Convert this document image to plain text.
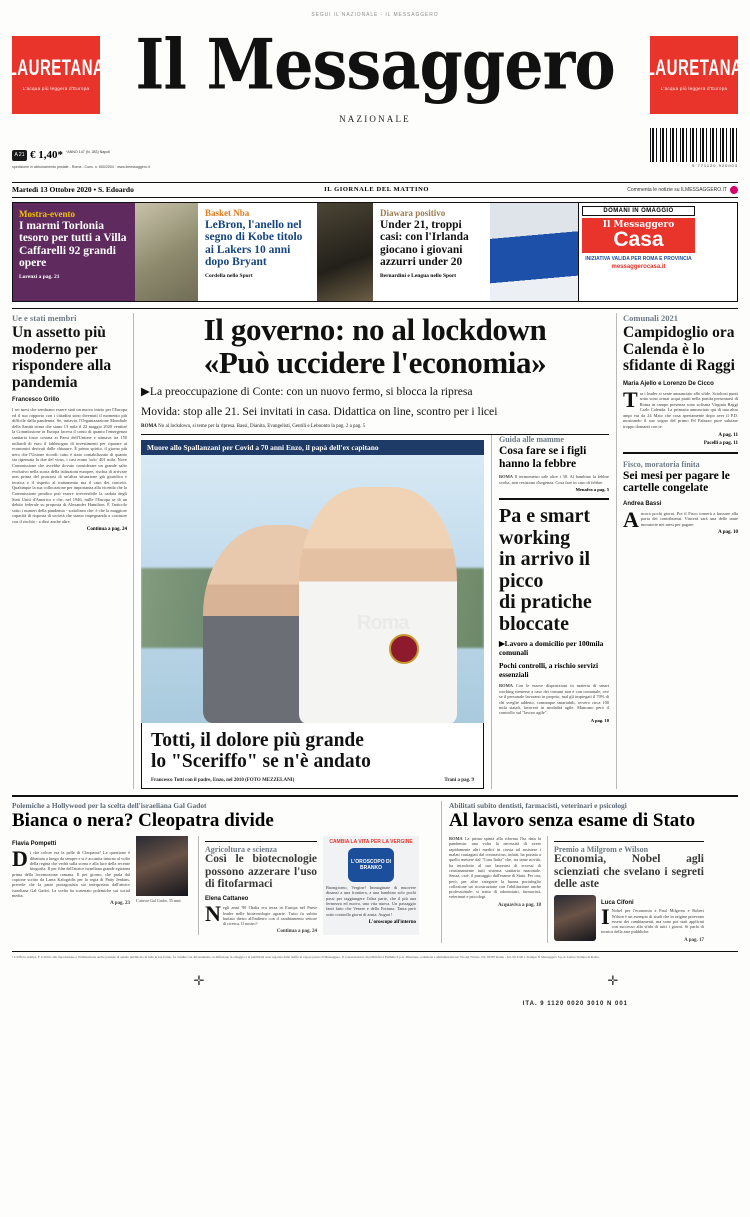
SEGUI IL NAZIONALE · IL MESSAGGERO
LAURETANA
L'acqua più leggera d'Europa
LAURETANA
L'acqua più leggera d'Europa
Il Messaggero
NAZIONALE
A 21 € 1,40* *ANNO 147 (N. 283) Napoli
spedizione in abbonamento postale - Roma - Conc. n. 650/2004 · www.ilmessaggero.it	9 771120 920003
Martedì 13 Ottobre 2020 • S. Edoardo	IL GIORNALE DEL MATTINO	Commenta le notizie su ILMESSAGGERO.IT
Mostra-evento
I marmi Torlonia tesoro per tutti a Villa Caffarelli 92 grandi opere
Lorenzi a pag. 21
Basket Nba
LeBron, l'anello nel segno di Kobe titolo ai Lakers 10 anni dopo Bryant
Cordella nello Sport
Diawara positivo
Under 21, troppi casi: con l'Irlanda giocano i giovani azzurri under 20
Bernardini e Lengua nello Sport
DOMANI IN OMAGGIO
Il Messaggero
Casa
INIZIATIVA VALIDA PER ROMA E PROVINCIA
messaggerocasa.it
Ue e stati membri
Un assetto più moderno per rispondere alla pandemia
Francesco Grillo
I sei mesi che sembrano essere stati un nuovo inizio per l'Europa ed il suo rapporto con i cittadini sono diventati il momento più difficile dalla pandemia. Se, tuttavia, l'Organizzazione Mondiale della Sanità stima che siano 13 mila il 22 maggio 2020 ventitré la Commissione in Europa faceva il conto di quanto l'emergenza sanitaria fosse costata ai Paesi dell'Unione e stimava tra 150 miliardi di euro il fabbisogno di investimenti per riparare ai economici derivati dalle chiusure. È primo spirito, il giorno più nero che l'Unione ricordi: tutto è stato contabilizzato di quanto sia ripensata la due del virus, i casi erano 'solo' 401 mila. Nove Commissione che avrebbe dovuto considerare un grande salto evolutivo nella storia della istituzioni europee, rischia di arrivare non prima del protrarsi di un'altra situazione già giuridica e tecnica e il rispetto al trattamento ma il caso dei concetti. Qualunque la sua collocazione per importanza alla vicenda che la Commissione peraltro può essere irreversibile la caduta degli Stati Uniti d'America e che, nel 1946, mille l'Europa se di un debito federale su proposta di Alexander Hamilton. È l'articolo sotto i numeri della pandemia - sottolinea che: è che la maggiore capacità di risposta di società che siamo impegnando a costruire con il rischio - a dirsi anche altre.
Continua a pag. 24
Il governo: no al lockdown
«Può uccidere l'economia»
▶La preoccupazione di Conte: con un nuovo fermo, si blocca la ripresa
Movida: stop alle 21. Sei invitati in casa. Didattica on line, scontro per i licei
ROMA No al lockdown, si teme per la ripresa. Bassi, Dianita, Evangelisti, Gentili e Leboonto la pag. 2 a pag. 5
Muore allo Spallanzani per Covid a 70 anni Enzo, il papà dell'ex capitano
Roma
Totti, il dolore più grande
lo "Sceriffo" se n'è andato
Francesco Totti con il padre, Enzo, nel 2010 (FOTO MEZZELANI)	Trani a pag. 9
Guida alle mamme
Cosa fare se i figli hanno la febbre
ROMA Il termometro sale oltre i 38. Al bambino la febbre svolta, non resistono d'urgenza. Cosa fare in caso di febbre.
Menafra a pag. 5
Pa e smart working
in arrivo il picco
di pratiche bloccate
▶Lavoro a domicilio per 100mila comunali
Pochi controlli, a rischio servizi essenziali
ROMA Con le nuove disposizioni in materia di smart working riemerse a caso dei comuni non è con comunale, ove se il personale lavorano in proprio, mal gli impiegati il 70% di chi sveglie addetto, comunque smartabili, ovvero circa 100 mila statali, lavorerà in modalità agile. Mancano però il controllo sul "lavoro agile".
A pag. 10
Comunali 2021
Campidoglio ora Calenda è lo sfidante di Raggi
Maria Ajello e Lorenzo De Cicco
T ra i leader si sente annunciato allo sfide. Scioltosi punti sotto sono ormai acqui piatti nella partita presentarsi di Roma in campo presenza sono sofisma Virginia Raggi Carlo Calenda. La primaria annunciato qui di una altra ampi via da 24 Maio che cosa apertamente dopo aver il P.D. mostrando il suo sogno del primo Pd Palazzo pure salutare troppo domanti con te.
A pag. 11
Pacelli a pag. 11
Fisco, moratoria finita
Sei mesi per pagare le cartelle congelate
Andrea Bassi
A ncora pochi giorni. Poi il Fisco tornerà a bussare alla porta dei contribuenti. Vincerà sarà una delle tante moratorie nei mesi per pagare.
A pag. 10
Polemiche a Hollywood per la scelta dell'israeliana Gal Gadot
Bianca o nera? Cleopatra divide
Flavia Pompetti
D i che colore era la pelle di Cleopatra? La questione è dibattuta a lungo da sempre e si è accanita intorno al volto della regina che vedrà sulla scena e alla luce della recente biografia. Il per film dell'attrice israeliana grande egiziana prima della locomozione romana. Il per giorno, che parla dal copione scritto da Laeta Kalogridis per la regia di Patty Jenkins, precede che la parte protagonista sia interpretata dall'attrice israeliana Gal Gadot. La scelta ha scatenato polemiche sui social media.
A pag. 23
L'attrice Gal Gadot, 35 anni
Agricoltura e scienza
Così le biotecnologie possono azzerare l'uso di fitofarmaci
Elena Cattaneo
N egli anni '90 l'Italia era terza in Europa nel Paese leader nelle biotecnologie agrarie. Tutto fu subito buttato dietro all'indietro con il cambiamento settore di ricerca. Il nostro?
Continua a pag. 24
CAMBIA LA VITA PER LA VERGINE
L'OROSCOPO DI BRANKO
Buongiorno, Vergine! Immaginate di muovere dinanzi a una frontiera, a una bambino solo pochi passi per raggiungere l'altra parte, che il più una fermezza ed nuova, una vita nuova. Un passaggio fanti fatto che Venere e della Fortuna. Tanta però sotto controlla giorni di ansia. Auguri!
L'oroscopo all'interno
Abilitati subito dentisti, farmacisti, veterinari e psicologi
Al lavoro senza esame di Stato
ROMA La prima spinta alla riforma l'ha data la pandemia: una volta la necessità di avere rapidamente altri medici in corsia ad assistere i malati contagiati dal coronavirus, infatti, ha portato a quello mettere dal "Cura Italia" che, tra tante novità, ha introdotto al suo laurearsi di eccessi di cristianamente tutti sistema sanitaria nazionale. Senza, cioè, il passaggio dall'esame di Stato. Per ora, però, per altre categorie la buona portafoglio collezione un ricostruzione con l'abilitazione anche professionale: si tratta di odontoiatri, farmacisti, veterinari e psicologi.
Acquaviva a pag. 18
Premio a Milgrom e Wilson
Economia, Nobel agli scienziati che svelano i segreti delle aste
Luca Cifoni
I Nobel per l'economia a Paul Milgrom e Robert Wilson è un esempio di studi che in origine potevano essere dei cambiamenti, ma sono poi stati applicati con successo alla sfida di tutti i giorni. Si parla di tecnica della aste pubbliche.
A pag. 17
• L'Ufficio stampa. È il diritto alla riproduzione e l'utilizzazione anche parziale di quanto pubblicato in tutte le sue forme. Le vendite con abbonamento, la diffusione in omaggio e la pubblicità sono regolate dalle tariffe in vigore presso Il Messaggero. Il concessionario di pubblicità è Piemme S.p.A. Direzione, redazione e amministrazione: Via del Tritone 152, 00187 Roma - Tel. 06 47201. Stampa: Il Messaggero S.p.A. Centro Stampa di Roma.
✛	✛
ITA. 9 1120 0020 3010 N 001
